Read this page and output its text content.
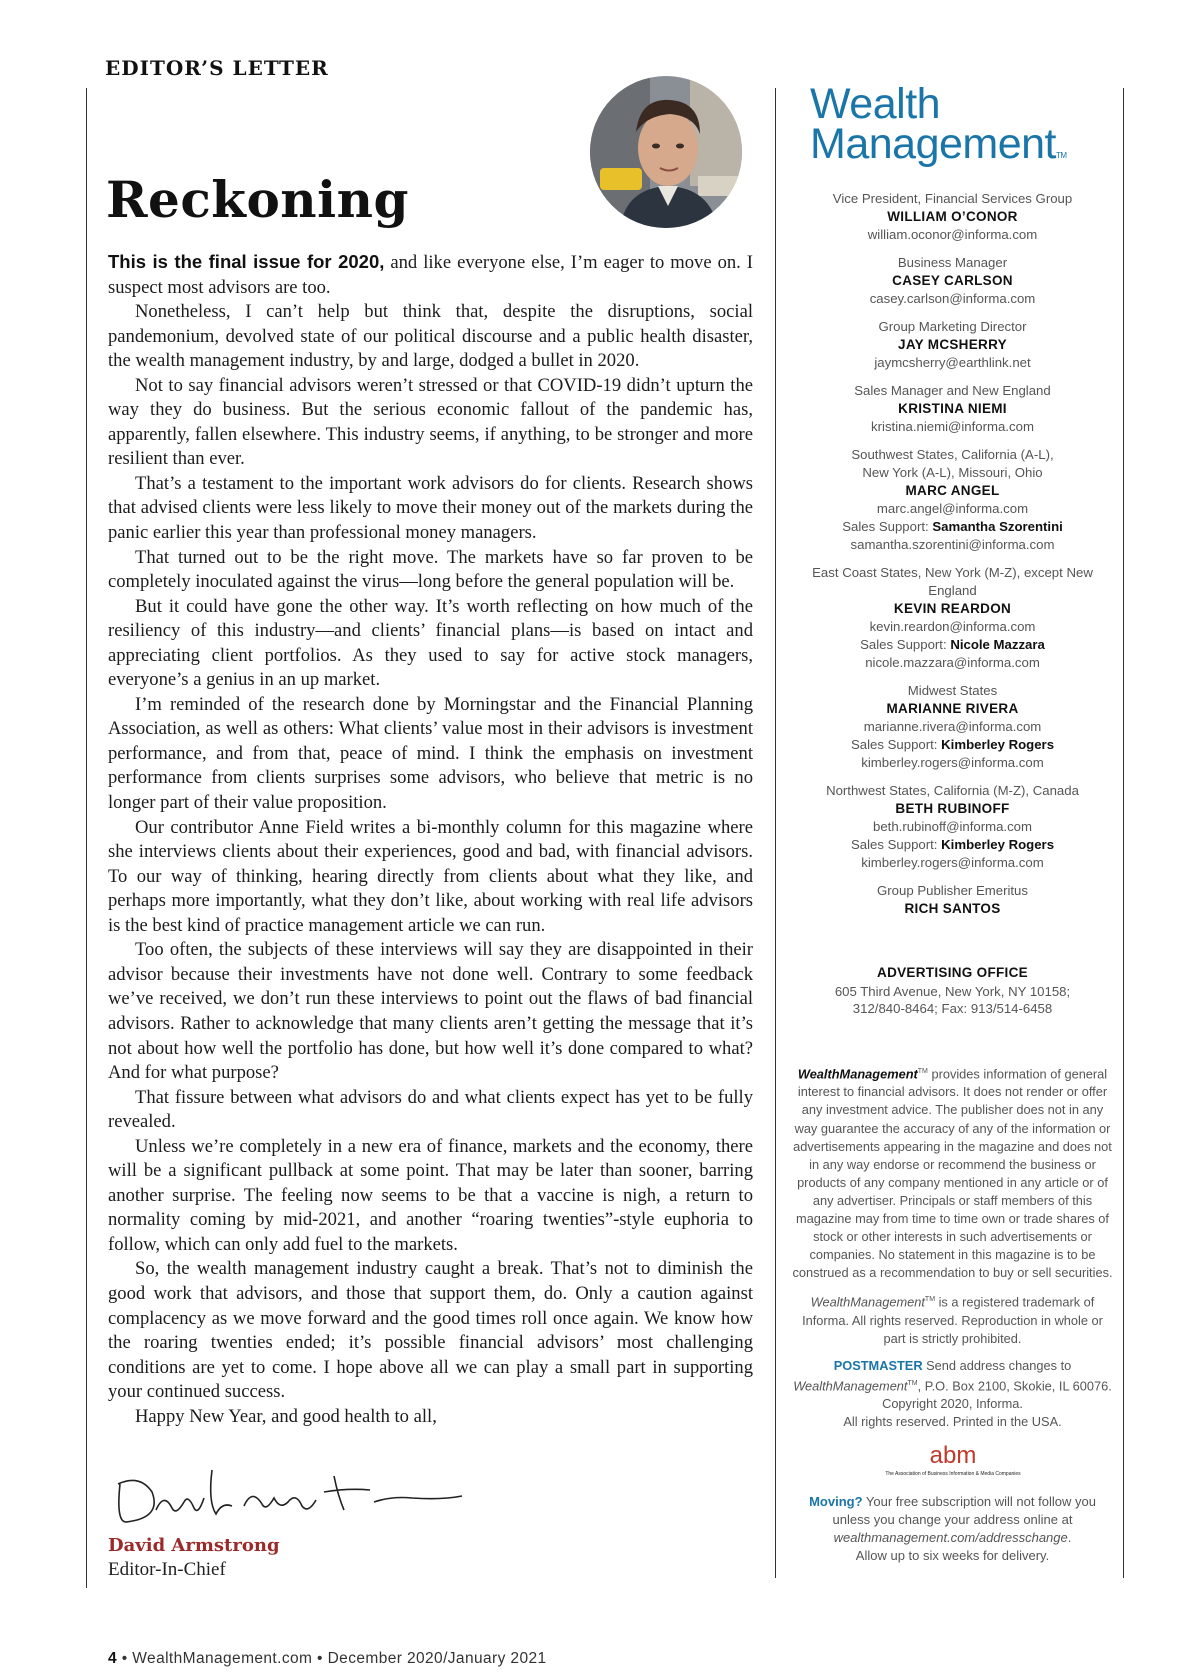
EDITOR’S LETTER
Reckoning

This is the final issue for 2020, and like everyone else, I’m eager to move on. I suspect most advisors are too.

Nonetheless, I can’t help but think that, despite the disruptions, social pandemonium, devolved state of our political discourse and a public health disaster, the wealth management industry, by and large, dodged a bullet in 2020.

Not to say financial advisors weren’t stressed or that COVID-19 didn’t upturn the way they do business. But the serious economic fallout of the pandemic has, apparently, fallen elsewhere. This industry seems, if anything, to be stronger and more resilient than ever.

That’s a testament to the important work advisors do for clients. Research shows that advised clients were less likely to move their money out of the markets during the panic earlier this year than professional money managers.

That turned out to be the right move. The markets have so far proven to be completely inoculated against the virus—long before the general population will be.

But it could have gone the other way. It’s worth reflecting on how much of the resiliency of this industry—and clients’ financial plans—is based on intact and appreciating client portfolios. As they used to say for active stock managers, everyone’s a genius in an up market.

I’m reminded of the research done by Morningstar and the Financial Planning Association, as well as others: What clients’ value most in their advisors is investment performance, and from that, peace of mind. I think the emphasis on investment performance from clients surprises some advisors, who believe that metric is no longer part of their value proposition.

Our contributor Anne Field writes a bi-monthly column for this magazine where she interviews clients about their experiences, good and bad, with financial advisors. To our way of thinking, hearing directly from clients about what they like, and perhaps more importantly, what they don’t like, about working with real life advisors is the best kind of practice management article we can run.

Too often, the subjects of these interviews will say they are disappointed in their advisor because their investments have not done well. Contrary to some feedback we’ve received, we don’t run these interviews to point out the flaws of bad financial advisors. Rather to acknowledge that many clients aren’t getting the message that it’s not about how well the portfolio has done, but how well it’s done compared to what? And for what purpose?

That fissure between what advisors do and what clients expect has yet to be fully revealed.

Unless we’re completely in a new era of finance, markets and the economy, there will be a significant pullback at some point. That may be later than sooner, barring another surprise. The feeling now seems to be that a vaccine is nigh, a return to normality coming by mid-2021, and another “roaring twenties”-style euphoria to follow, which can only add fuel to the markets.

So, the wealth management industry caught a break. That’s not to diminish the good work that advisors, and those that support them, do. Only a caution against complacency as we move forward and the good times roll once again. We know how the roaring twenties ended; it’s possible financial advisors’ most challenging conditions are yet to come. I hope above all we can play a small part in supporting your continued success.

Happy New Year, and good health to all,

David Armstrong
Editor-In-Chief
Wealth
ManagementTM
Vice President, Financial Services Group
WILLIAM O’CONOR
william.oconor@informa.com
Business Manager
CASEY CARLSON
casey.carlson@informa.com
Group Marketing Director
JAY MCSHERRY
jaymcsherry@earthlink.net
Sales Manager and New England
KRISTINA NIEMI
kristina.niemi@informa.com
Southwest States, California (A-L),
New York (A-L), Missouri, Ohio
MARC ANGEL
marc.angel@informa.com
Sales Support: Samantha Szorentini
samantha.szorentini@informa.com
East Coast States, New York (M-Z), except New England
KEVIN REARDON
kevin.reardon@informa.com
Sales Support: Nicole Mazzara
nicole.mazzara@informa.com
Midwest States
MARIANNE RIVERA
marianne.rivera@informa.com
Sales Support: Kimberley Rogers
kimberley.rogers@informa.com
Northwest States, California (M-Z), Canada
BETH RUBINOFF
beth.rubinoff@informa.com
Sales Support: Kimberley Rogers
kimberley.rogers@informa.com
Group Publisher Emeritus
RICH SANTOS
ADVERTISING OFFICE
605 Third Avenue, New York, NY 10158;
312/840-8464; Fax: 913/514-6458

WealthManagement™ provides information of general interest to financial advisors. It does not render or offer any investment advice. The publisher does not in any way guarantee the accuracy of any of the information or advertisements appearing in the magazine and does not in any way endorse or recommend the business or products of any company mentioned in any article or of any advertiser. Principals or staff members of this magazine may from time to time own or trade shares of stock or other interests in such advertisements or companies. No statement in this magazine is to be construed as a recommendation to buy or sell securities.

WealthManagement™ is a registered trademark of Informa. All rights reserved. Reproduction in whole or part is strictly prohibited.

POSTMASTER Send address changes to WealthManagement™, P.O. Box 2100, Skokie, IL 60076.
Copyright 2020, Informa.
All rights reserved. Printed in the USA.

abm
The Association of Business Information & Media Companies
Moving? Your free subscription will not follow you unless you change your address online at wealthmanagement.com/addresschange.
Allow up to six weeks for delivery.
4 • WealthManagement.com • December 2020/January 2021
